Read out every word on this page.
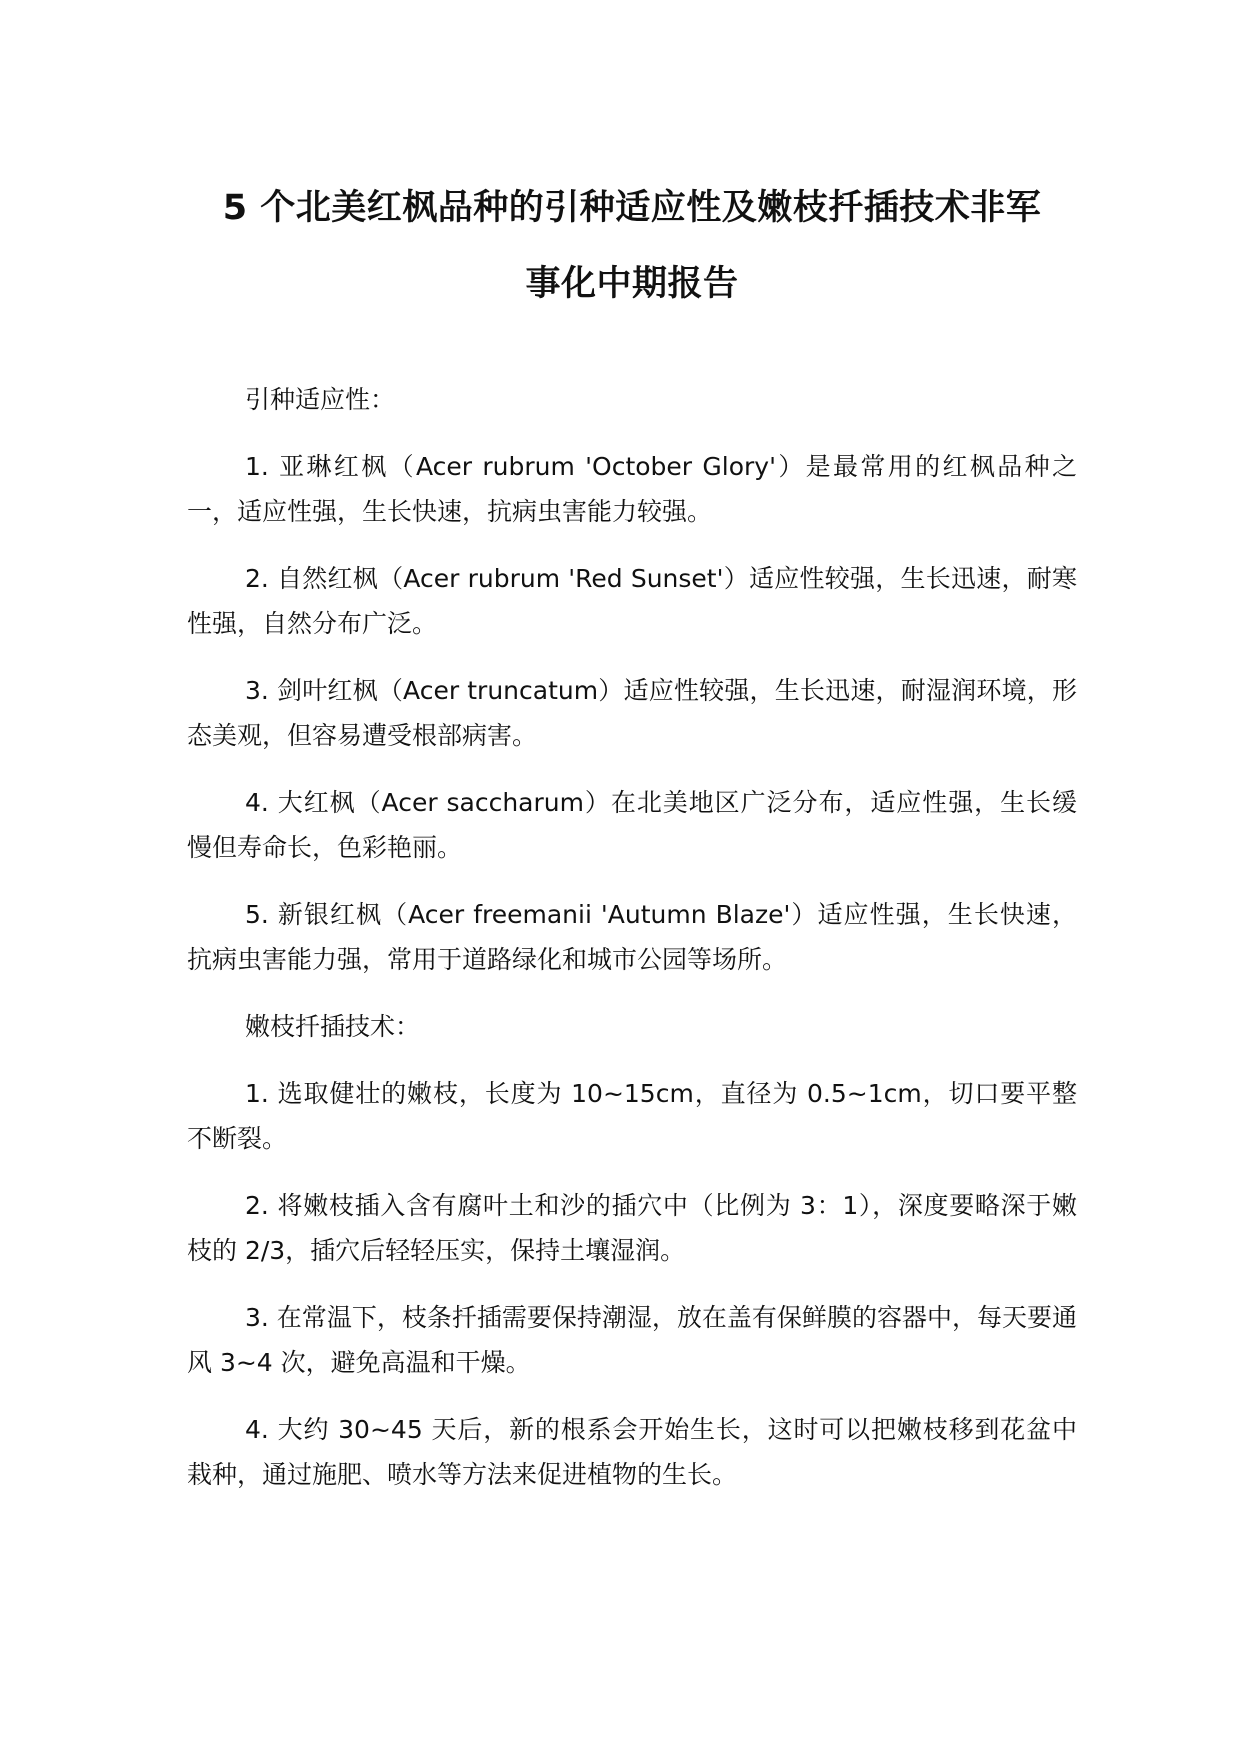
5 个北美红枫品种的引种适应性及嫩枝扦插技术非军
事化中期报告

引种适应性：

1. 亚琳红枫（Acer rubrum 'October Glory'）是最常用的红枫品种之一，适应性强，生长快速，抗病虫害能力较强。

2. 自然红枫（Acer rubrum 'Red Sunset'）适应性较强，生长迅速，耐寒性强，自然分布广泛。

3. 剑叶红枫（Acer truncatum）适应性较强，生长迅速，耐湿润环境，形态美观，但容易遭受根部病害。

4. 大红枫（Acer saccharum）在北美地区广泛分布，适应性强，生长缓慢但寿命长，色彩艳丽。

5. 新银红枫（Acer freemanii 'Autumn Blaze'）适应性强，生长快速，抗病虫害能力强，常用于道路绿化和城市公园等场所。

嫩枝扦插技术：

1. 选取健壮的嫩枝，长度为 10~15cm，直径为 0.5~1cm，切口要平整不断裂。

2. 将嫩枝插入含有腐叶土和沙的插穴中（比例为 3：1），深度要略深于嫩枝的 2/3，插穴后轻轻压实，保持土壤湿润。

3. 在常温下，枝条扦插需要保持潮湿，放在盖有保鲜膜的容器中，每天要通风 3~4 次，避免高温和干燥。

4. 大约 30~45 天后，新的根系会开始生长，这时可以把嫩枝移到花盆中栽种，通过施肥、喷水等方法来促进植物的生长。
